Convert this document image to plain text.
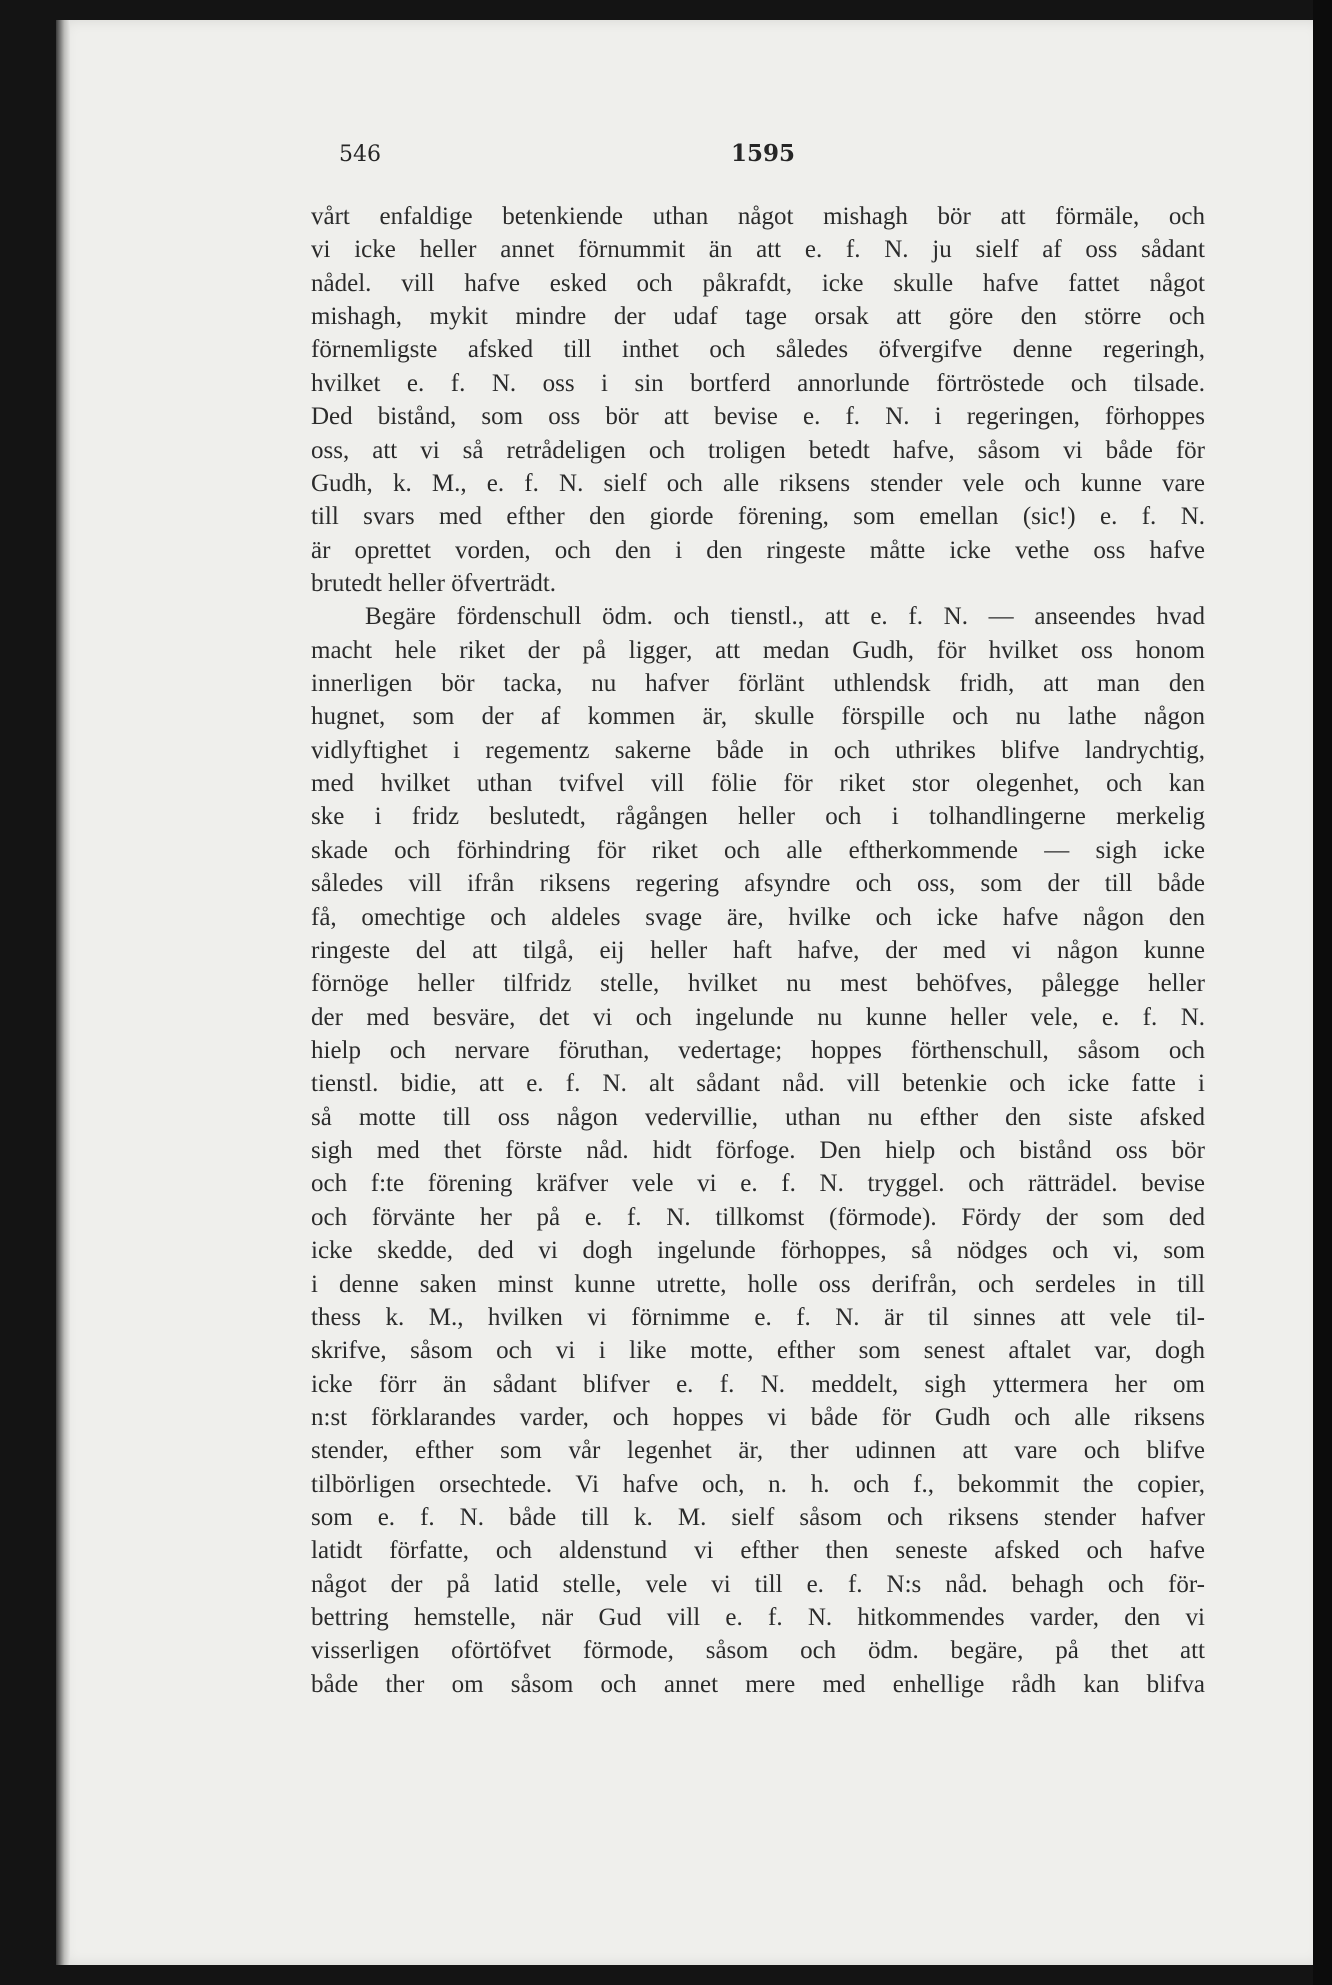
546	1595
vårt enfaldige betenkiende uthan något mishagh bör att förmäle, och
vi icke heller annet förnummit än att e. f. N. ju sielf af oss sådant
nådel. vill hafve esked och påkrafdt, icke skulle hafve fattet något
mishagh, mykit mindre der udaf tage orsak att göre den större och
förnemligste afsked till inthet och således öfvergifve denne regeringh,
hvilket e. f. N. oss i sin bortferd annorlunde förtröstede och tilsade.
Ded bistånd, som oss bör att bevise e. f. N. i regeringen, förhoppes
oss, att vi så retrådeligen och troligen betedt hafve, såsom vi både för
Gudh, k. M., e. f. N. sielf och alle riksens stender vele och kunne vare
till svars med efther den giorde förening, som emellan (sic!) e. f. N.
är oprettet vorden, och den i den ringeste måtte icke vethe oss hafve
brutedt heller öfverträdt.
Begäre fördenschull ödm. och tienstl., att e. f. N. — anseendes hvad
macht hele riket der på ligger, att medan Gudh, för hvilket oss honom
innerligen bör tacka, nu hafver förlänt uthlendsk fridh, att man den
hugnet, som der af kommen är, skulle förspille och nu lathe någon
vidlyftighet i regementz sakerne både in och uthrikes blifve landrychtig,
med hvilket uthan tvifvel vill fölie för riket stor olegenhet, och kan
ske i fridz beslutedt, rågången heller och i tolhandlingerne merkelig
skade och förhindring för riket och alle eftherkommende — sigh icke
således vill ifrån riksens regering afsyndre och oss, som der till både
få, omechtige och aldeles svage äre, hvilke och icke hafve någon den
ringeste del att tilgå, eij heller haft hafve, der med vi någon kunne
förnöge heller tilfridz stelle, hvilket nu mest behöfves, pålegge heller
der med besväre, det vi och ingelunde nu kunne heller vele, e. f. N.
hielp och nervare föruthan, vedertage; hoppes förthenschull, såsom och
tienstl. bidie, att e. f. N. alt sådant nåd. vill betenkie och icke fatte i
så motte till oss någon vedervillie, uthan nu efther den siste afsked
sigh med thet förste nåd. hidt förfoge. Den hielp och bistånd oss bör
och f:te förening kräfver vele vi e. f. N. tryggel. och rätträdel. bevise
och förvänte her på e. f. N. tillkomst (förmode). Fördy der som ded
icke skedde, ded vi dogh ingelunde förhoppes, så nödges och vi, som
i denne saken minst kunne utrette, holle oss derifrån, och serdeles in till
thess k. M., hvilken vi förnimme e. f. N. är til sinnes att vele til-
skrifve, såsom och vi i like motte, efther som senest aftalet var, dogh
icke förr än sådant blifver e. f. N. meddelt, sigh yttermera her om
n:st förklarandes varder, och hoppes vi både för Gudh och alle riksens
stender, efther som vår legenhet är, ther udinnen att vare och blifve
tilbörligen orsechtede. Vi hafve och, n. h. och f., bekommit the copier,
som e. f. N. både till k. M. sielf såsom och riksens stender hafver
latidt författe, och aldenstund vi efther then seneste afsked och hafve
något der på latid stelle, vele vi till e. f. N:s nåd. behagh och för-
bettring hemstelle, när Gud vill e. f. N. hitkommendes varder, den vi
visserligen oförtöfvet förmode, såsom och ödm. begäre, på thet att
både ther om såsom och annet mere med enhellige rådh kan blifva
